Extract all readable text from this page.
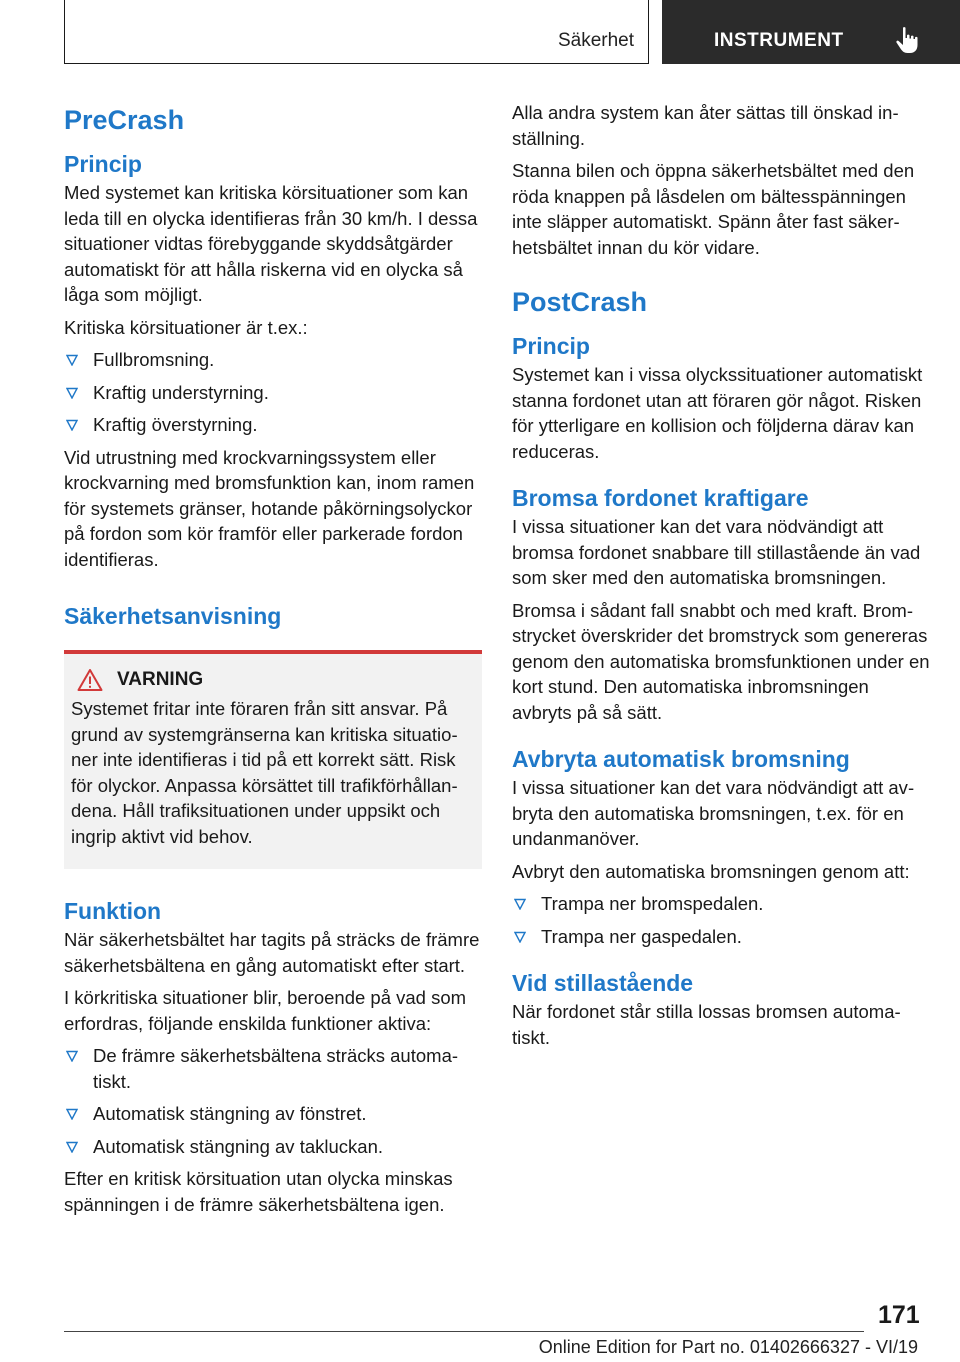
Säkerhet	INSTRUMENT
PreCrash
Princip

Med systemet kan kritiska körsituationer som kan leda till en olycka identifieras från 30 km/h. I dessa situationer vidtas förebyggande skyddsåtgärder automatiskt för att hålla riskerna vid en olycka så låga som möjligt.

Kritiska körsituationer är t.ex.:

Fullbromsning.
Kraftig understyrning.
Kraftig överstyrning.

Vid utrustning med krockvarningssystem eller krockvarning med bromsfunktion kan, inom ramen för systemets gränser, hotande påkörningsolyckor på fordon som kör framför eller parkerade fordon identifieras.

Säkerhetsanvisning
VARNING

Systemet fritar inte föraren från sitt ansvar. På grund av systemgränserna kan kritiska situationer inte identifieras i tid på ett korrekt sätt. Risk för olyckor. Anpassa körsättet till trafikförhållandena. Håll trafiksituationen under uppsikt och ingrip aktivt vid behov.

Funktion

När säkerhetsbältet har tagits på sträcks de främre säkerhetsbältena en gång automatiskt efter start.

I körkritiska situationer blir, beroende på vad som erfordras, följande enskilda funktioner aktiva:

De främre säkerhetsbältena sträcks automatiskt.
Automatisk stängning av fönstret.
Automatisk stängning av takluckan.

Efter en kritisk körsituation utan olycka minskas spänningen i de främre säkerhetsbältena igen.

Alla andra system kan åter sättas till önskad inställning.

Stanna bilen och öppna säkerhetsbältet med den röda knappen på låsdelen om bältesspänningen inte släpper automatiskt. Spänn åter fast säkerhetsbältet innan du kör vidare.

PostCrash
Princip

Systemet kan i vissa olyckssituationer automatiskt stanna fordonet utan att föraren gör något. Risken för ytterligare en kollision och följderna därav kan reduceras.

Bromsa fordonet kraftigare

I vissa situationer kan det vara nödvändigt att bromsa fordonet snabbare till stillastående än vad som sker med den automatiska bromsningen.

Bromsa i sådant fall snabbt och med kraft. Bromstrycket överskrider det bromstryck som genereras genom den automatiska bromsfunktionen under en kort stund. Den automatiska inbromsningen avbryts på så sätt.

Avbryta automatisk bromsning

I vissa situationer kan det vara nödvändigt att avbryta den automatiska bromsningen, t.ex. för en undanmanöver.

Avbryt den automatiska bromsningen genom att:

Trampa ner bromspedalen.
Trampa ner gaspedalen.
Vid stillastående

När fordonet står stilla lossas bromsen automatiskt.

171
Online Edition for Part no. 01402666327 - VI/19
